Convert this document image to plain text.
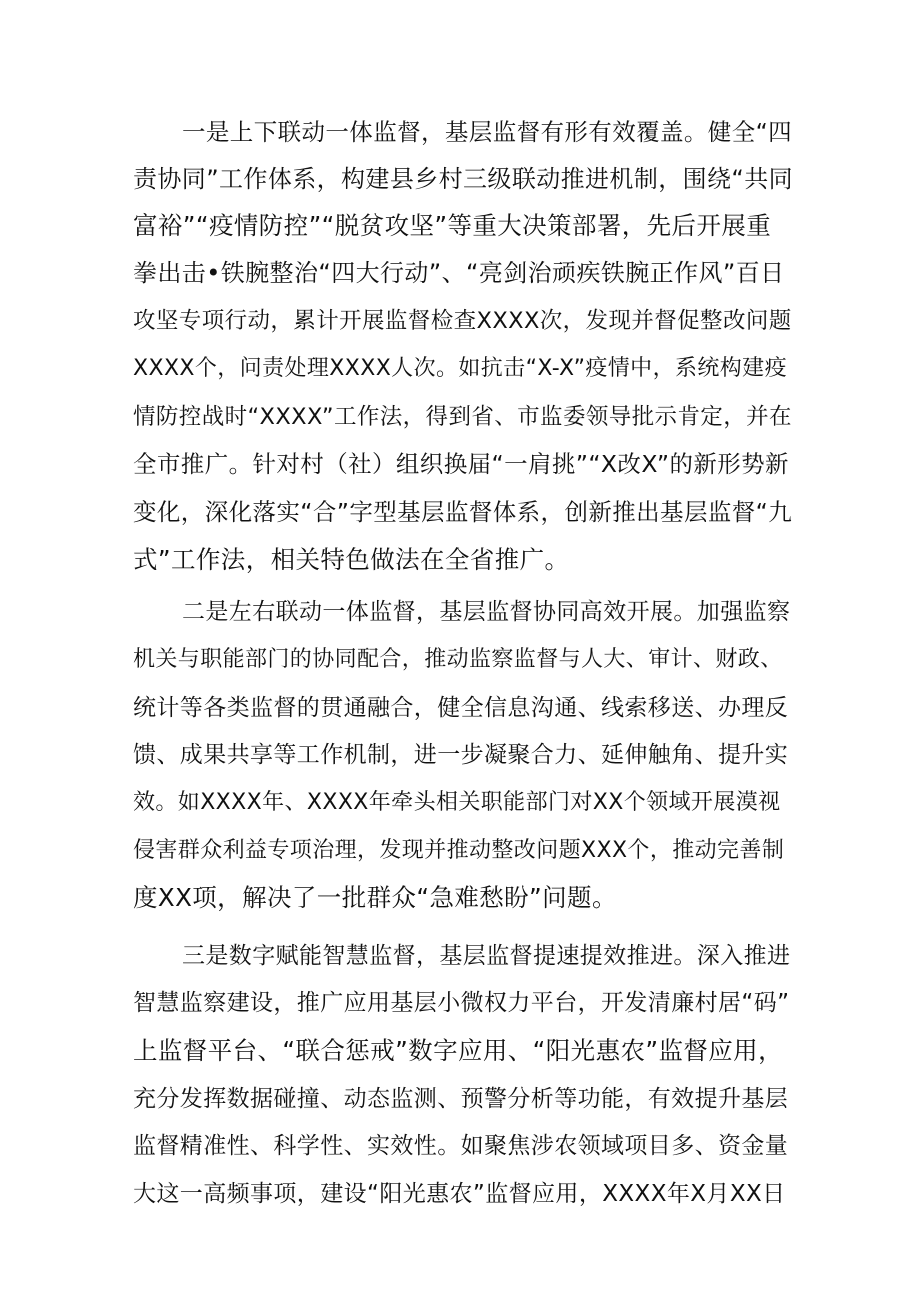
一是上下联动一体监督，基层监督有形有效覆盖。健全“四
责协同”工作体系，构建县乡村三级联动推进机制，围绕“共同
富裕”“疫情防控”“脱贫攻坚”等重大决策部署，先后开展重
拳出击•铁腕整治“四大行动”、“亮剑治顽疾铁腕正作风”百日
攻坚专项行动，累计开展监督检查XXXX次，发现并督促整改问题
XXXX个，问责处理XXXX人次。如抗击“X-X”疫情中，系统构建疫
情防控战时“XXXX”工作法，得到省、市监委领导批示肯定，并在
全市推广。针对村（社）组织换届“一肩挑”“X改X”的新形势新
变化，深化落实“合”字型基层监督体系，创新推出基层监督“九
式”工作法，相关特色做法在全省推广。
二是左右联动一体监督，基层监督协同高效开展。加强监察
机关与职能部门的协同配合，推动监察监督与人大、审计、财政、
统计等各类监督的贯通融合，健全信息沟通、线索移送、办理反
馈、成果共享等工作机制，进一步凝聚合力、延伸触角、提升实
效。如XXXX年、XXXX年牵头相关职能部门对XX个领域开展漠视
侵害群众利益专项治理，发现并推动整改问题XXX个，推动完善制
度XX项，解决了一批群众“急难愁盼”问题。
三是数字赋能智慧监督，基层监督提速提效推进。深入推进
智慧监察建设，推广应用基层小微权力平台，开发清廉村居“码”
上监督平台、“联合惩戒”数字应用、“阳光惠农”监督应用，
充分发挥数据碰撞、动态监测、预警分析等功能，有效提升基层
监督精准性、科学性、实效性。如聚焦涉农领域项目多、资金量
大这一高频事项，建设“阳光惠农”监督应用，XXXX年X月XX日
